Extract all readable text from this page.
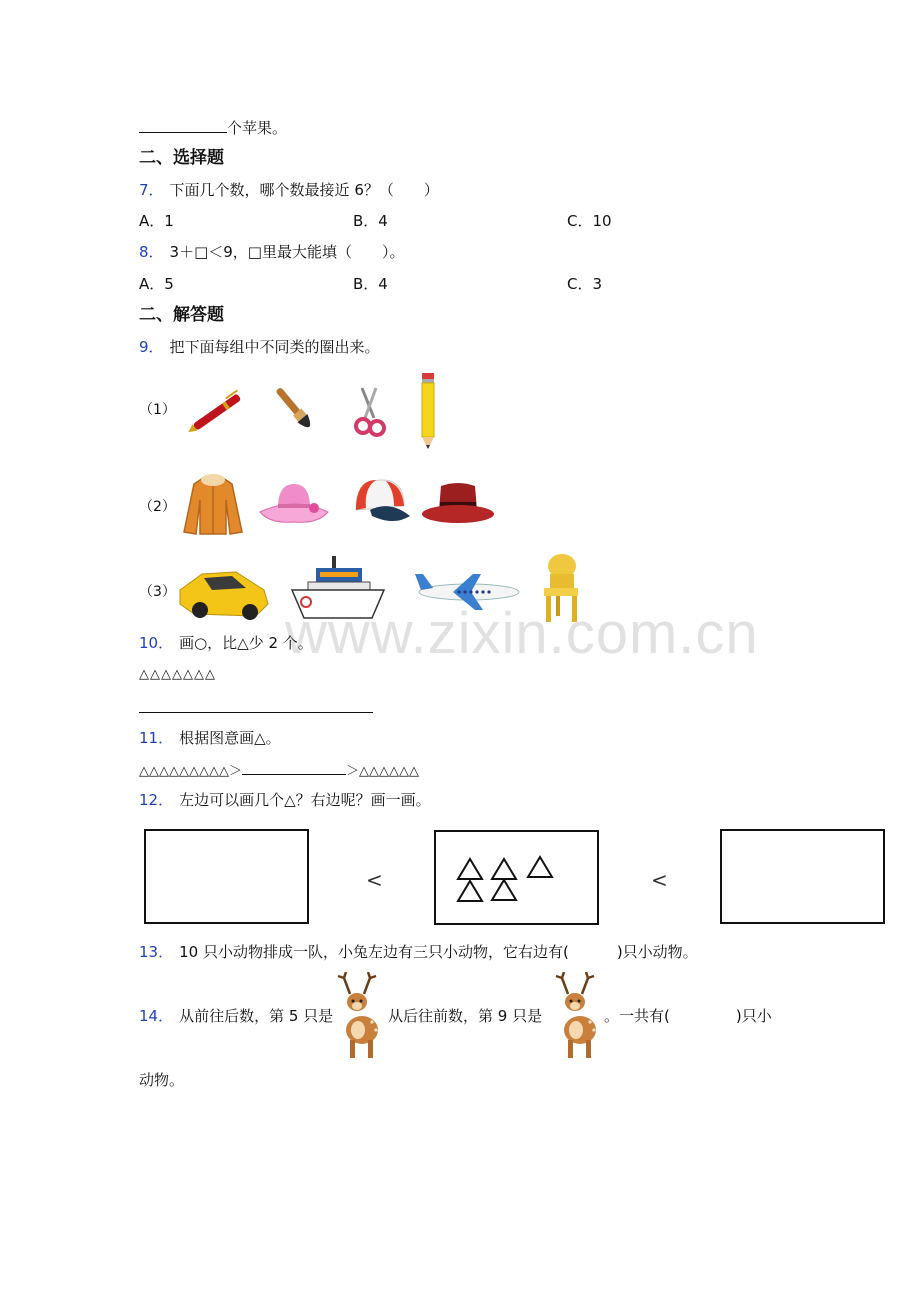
个苹果。
二、选择题
7． 下面几个数，哪个数最接近 6？（　　）
A．1	B．4	C．10
8． 3＋□＜9，□里最大能填（　　）。
A．5	B．4	C．3
二、解答题
9． 把下面每组中不同类的圈出来。
（1）
（2）
（3）
www.zixin.com.cn
10． 画○，比△少 2 个。
△△△△△△△
11． 根据图意画△。
△△△△△△△△△＞	＞△△△△△△
12． 左边可以画几个△？右边呢？画一画。
<	<
13． 10 只小动物排成一队，小兔左边有三只小动物，它右边有(	)只小动物。
14． 从前往后数，第 5 只是	从后往前数，第 9 只是	。一共有(	)只小
动物。
